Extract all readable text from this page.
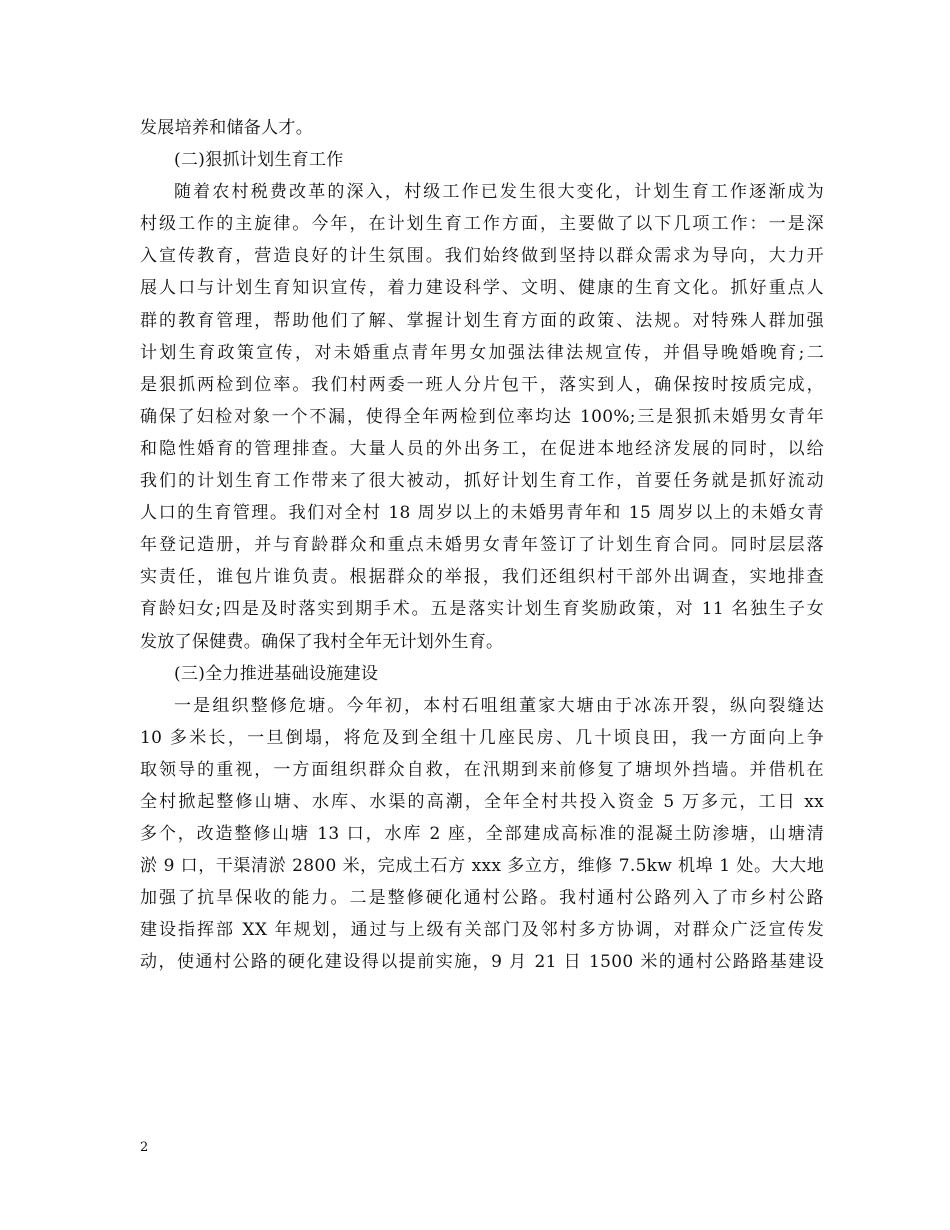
发展培养和储备人才。
(二)狠抓计划生育工作
随着农村税费改革的深入，村级工作已发生很大变化，计划生育工作逐渐成为
村级工作的主旋律。今年，在计划生育工作方面，主要做了以下几项工作：一是深
入宣传教育，营造良好的计生氛围。我们始终做到坚持以群众需求为导向，大力开
展人口与计划生育知识宣传，着力建设科学、文明、健康的生育文化。抓好重点人
群的教育管理，帮助他们了解、掌握计划生育方面的政策、法规。对特殊人群加强
计划生育政策宣传，对未婚重点青年男女加强法律法规宣传，并倡导晚婚晚育;二
是狠抓两检到位率。我们村两委一班人分片包干，落实到人，确保按时按质完成，
确保了妇检对象一个不漏，使得全年两检到位率均达 100%;三是狠抓未婚男女青年
和隐性婚育的管理排查。大量人员的外出务工，在促进本地经济发展的同时，以给
我们的计划生育工作带来了很大被动，抓好计划生育工作，首要任务就是抓好流动
人口的生育管理。我们对全村 18 周岁以上的未婚男青年和 15 周岁以上的未婚女青
年登记造册，并与育龄群众和重点未婚男女青年签订了计划生育合同。同时层层落
实责任，谁包片谁负责。根据群众的举报，我们还组织村干部外出调查，实地排查
育龄妇女;四是及时落实到期手术。五是落实计划生育奖励政策，对 11 名独生子女
发放了保健费。确保了我村全年无计划外生育。
(三)全力推进基础设施建设
一是组织整修危塘。今年初，本村石咀组董家大塘由于冰冻开裂，纵向裂缝达
10 多米长，一旦倒塌，将危及到全组十几座民房、几十顷良田，我一方面向上争
取领导的重视，一方面组织群众自救，在汛期到来前修复了塘坝外挡墙。并借机在
全村掀起整修山塘、水库、水渠的高潮，全年全村共投入资金 5 万多元，工日 xx
多个，改造整修山塘 13 口，水库 2 座，全部建成高标准的混凝土防渗塘，山塘清
淤 9 口，干渠清淤 2800 米，完成土石方 xxx 多立方，维修 7.5kw 机埠 1 处。大大地
加强了抗旱保收的能力。二是整修硬化通村公路。我村通村公路列入了市乡村公路
建设指挥部 XX 年规划，通过与上级有关部门及邻村多方协调，对群众广泛宣传发
动，使通村公路的硬化建设得以提前实施，9 月 21 日 1500 米的通村公路路基建设
2
